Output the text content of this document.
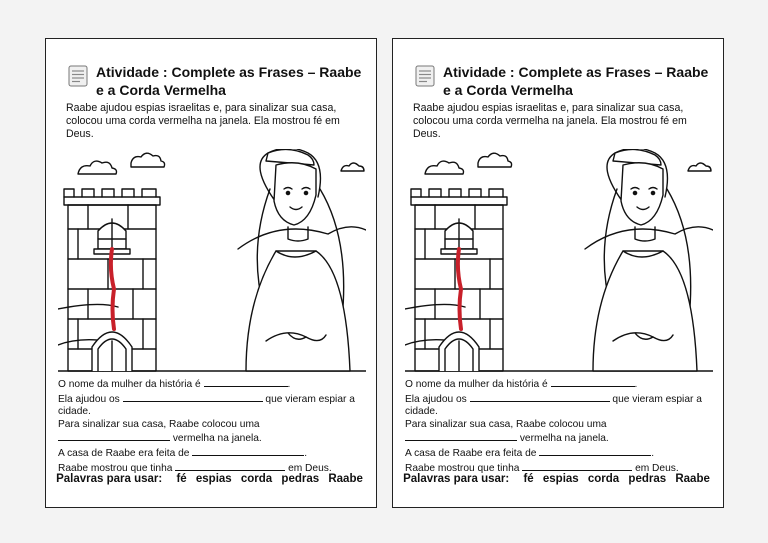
Atividade : Complete as Frases – Raabe e a Corda Vermelha

Raabe ajudou espias israelitas e, para sinalizar sua casa, colocou uma corda vermelha na janela. Ela mostrou fé em Deus.

O nome da mulher da história é	.

Ela ajudou os	que vieram espiar a cidade.

Para sinalizar sua casa, Raabe colocou uma
vermelha na janela.

A casa de Raabe era feita de	.

Raabe mostrou que tinha	em Deus.

Palavras para usar: fé espias corda pedras Raabe

Atividade : Complete as Frases – Raabe e a Corda Vermelha

Raabe ajudou espias israelitas e, para sinalizar sua casa, colocou uma corda vermelha na janela. Ela mostrou fé em Deus.

O nome da mulher da história é	.

Ela ajudou os	que vieram espiar a cidade.

Para sinalizar sua casa, Raabe colocou uma
vermelha na janela.

A casa de Raabe era feita de	.

Raabe mostrou que tinha	em Deus.

Palavras para usar: fé espias corda pedras Raabe
